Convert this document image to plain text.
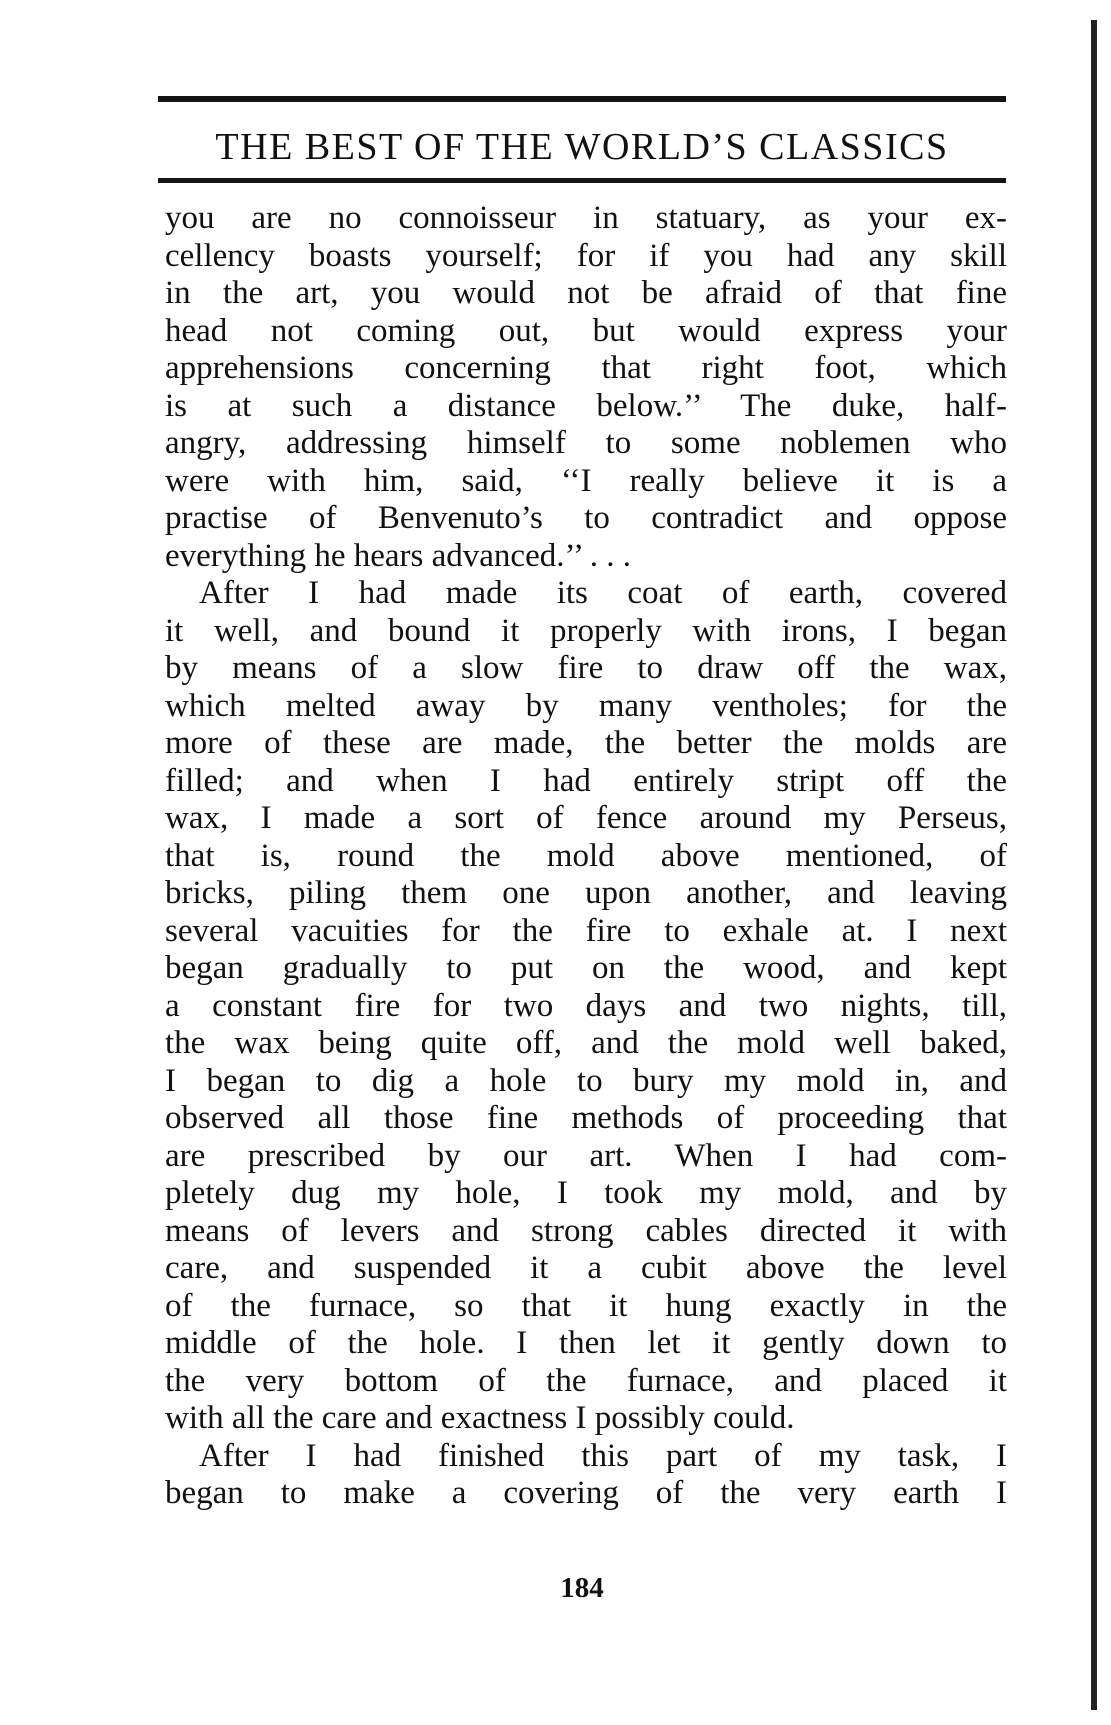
THE BEST OF THE WORLD’S CLASSICS
you are no connoisseur in statuary, as your ex-
cellency boasts yourself; for if you had any skill
in the art, you would not be afraid of that fine
head not coming out, but would express your
apprehensions concerning that right foot, which
is at such a distance below.’’ The duke, half-
angry, addressing himself to some noblemen who
were with him, said, ‘‘I really believe it is a
practise of Benvenuto’s to contradict and oppose
everything he hears advanced.’’ . . .
After I had made its coat of earth, covered
it well, and bound it properly with irons, I began
by means of a slow fire to draw off the wax,
which melted away by many ventholes; for the
more of these are made, the better the molds are
filled; and when I had entirely stript off the
wax, I made a sort of fence around my Perseus,
that is, round the mold above mentioned, of
bricks, piling them one upon another, and leaving
several vacuities for the fire to exhale at. I next
began gradually to put on the wood, and kept
a constant fire for two days and two nights, till,
the wax being quite off, and the mold well baked,
I began to dig a hole to bury my mold in, and
observed all those fine methods of proceeding that
are prescribed by our art. When I had com-
pletely dug my hole, I took my mold, and by
means of levers and strong cables directed it with
care, and suspended it a cubit above the level
of the furnace, so that it hung exactly in the
middle of the hole. I then let it gently down to
the very bottom of the furnace, and placed it
with all the care and exactness I possibly could.
After I had finished this part of my task, I
began to make a covering of the very earth I
184
